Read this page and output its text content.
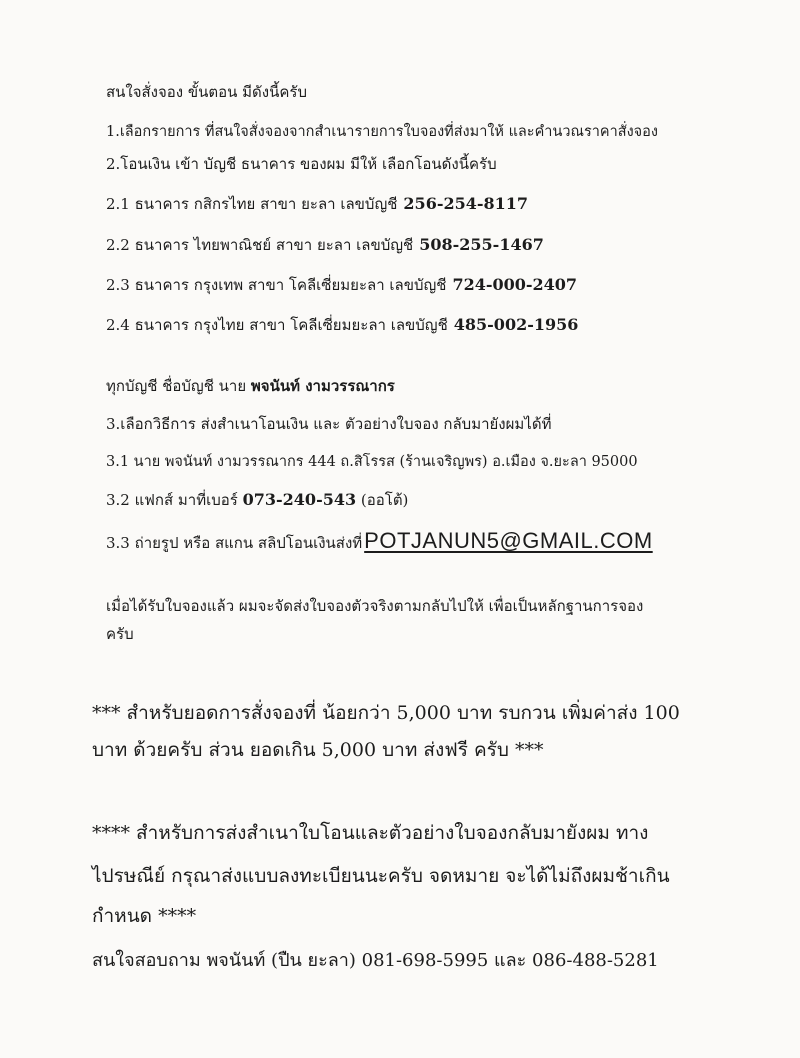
สนใจสั่งจอง ขั้นตอน มีดังนี้ครับ
1.เลือกรายการ ที่สนใจสั่งจองจากสำเนารายการใบจองที่ส่งมาให้ และคำนวณราคาสั่งจอง
2.โอนเงิน เข้า บัญชี ธนาคาร ของผม มีให้ เลือกโอนดังนี้ครับ
2.1 ธนาคาร กสิกรไทย สาขา ยะลา เลขบัญชี 256-254-8117
2.2 ธนาคาร ไทยพาณิชย์ สาขา ยะลา เลขบัญชี 508-255-1467
2.3 ธนาคาร กรุงเทพ สาขา โคลีเซี่ยมยะลา เลขบัญชี 724-000-2407
2.4 ธนาคาร กรุงไทย สาขา โคลีเซี่ยมยะลา เลขบัญชี 485-002-1956
ทุกบัญชี ชื่อบัญชี นาย พจนันท์ งามวรรณากร
3.เลือกวิธีการ ส่งสำเนาโอนเงิน และ ตัวอย่างใบจอง กลับมายังผมได้ที่
3.1 นาย พจนันท์ งามวรรณากร 444 ถ.สิโรรส (ร้านเจริญพร) อ.เมือง จ.ยะลา 95000
3.2 แฟกส์ มาที่เบอร์ 073-240-543 (ออโต้)
3.3 ถ่ายรูป หรือ สแกน สลิปโอนเงินส่งที่POTJANUN5@GMAIL.COM
เมื่อได้รับใบจองแล้ว ผมจะจัดส่งใบจองตัวจริงตามกลับไปให้ เพื่อเป็นหลักฐานการจอง
ครับ
*** สำหรับยอดการสั่งจองที่ น้อยกว่า 5,000 บาท รบกวน เพิ่มค่าส่ง 100
บาท ด้วยครับ ส่วน ยอดเกิน 5,000 บาท ส่งฟรี ครับ ***
**** สำหรับการส่งสำเนาใบโอนและตัวอย่างใบจองกลับมายังผม ทาง
ไปรษณีย์ กรุณาส่งแบบลงทะเบียนนะครับ จดหมาย จะได้ไม่ถึงผมช้าเกิน
กำหนด ****
สนใจสอบถาม พจนันท์ (ปืน ยะลา) 081-698-5995 และ 086-488-5281
